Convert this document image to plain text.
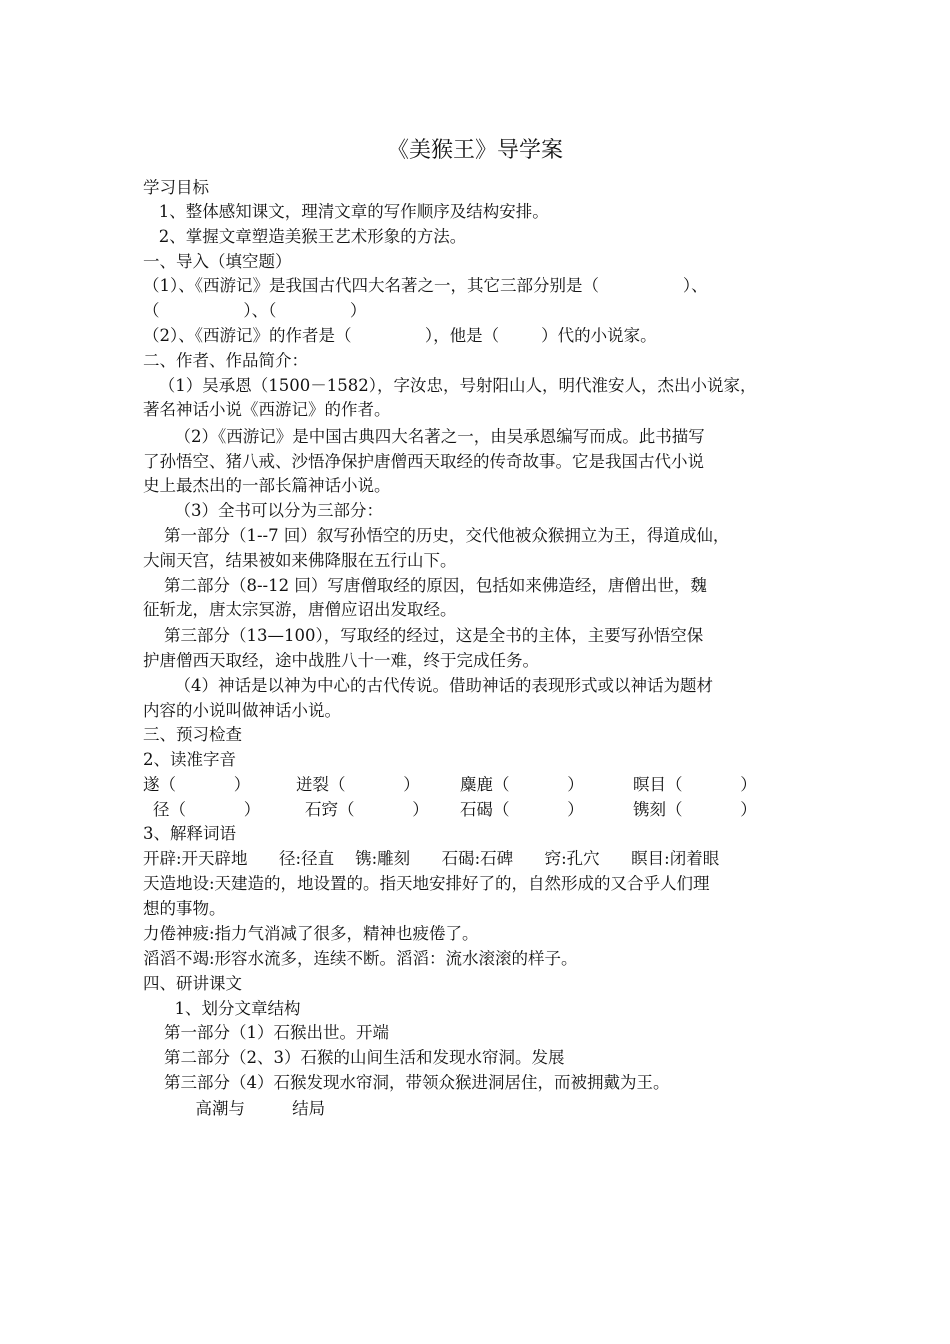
《美猴王》导学案
学习目标
1、整体感知课文，理清文章的写作顺序及结构安排。
2、掌握文章塑造美猴王艺术形象的方法。
一、导入（填空题）
（1）、《西游记》是我国古代四大名著之一，其它三部分别是（                ）、
（                ）、（              ）
（2）、《西游记》的作者是（              ），他是（        ）代的小说家。
二、作者、作品简介：
（1）吴承恩（1500－1582），字汝忠，号射阳山人，明代淮安人，杰出小说家，
著名神话小说《西游记》的作者。
（2）《西游记》是中国古典四大名著之一，由吴承恩编写而成。此书描写
了孙悟空、猪八戒、沙悟净保护唐僧西天取经的传奇故事。它是我国古代小说
史上最杰出的一部长篇神话小说。
（3）全书可以分为三部分：
第一部分（1--7 回）叙写孙悟空的历史，交代他被众猴拥立为王，得道成仙，
大闹天宫，结果被如来佛降服在五行山下。
第二部分（8--12 回）写唐僧取经的原因，包括如来佛造经，唐僧出世，魏
征斩龙，唐太宗冥游，唐僧应诏出发取经。
第三部分（13—100），写取经的经过，这是全书的主体，主要写孙悟空保
护唐僧西天取经，途中战胜八十一难，终于完成任务。
（4）神话是以神为中心的古代传说。借助神话的表现形式或以神话为题材
内容的小说叫做神话小说。
三、预习检查
2、读准字音
遂（           ）	迸裂（           ） 麋鹿（           ）	暝目（           ）
径（           ）	石窍（           ） 石碣（           ）	镌刻（           ）
3、解释词语
开辟:开天辟地      径:径直    镌:雕刻      石碣:石碑      窍:孔穴      瞑目:闭着眼
天造地设:天建造的，地设置的。指天地安排好了的，自然形成的又合乎人们理
想的事物。
力倦神疲:指力气消减了很多，精神也疲倦了。
滔滔不竭:形容水流多，连续不断。滔滔：流水滚滚的样子。
四、研讲课文
1、划分文章结构
第一部分（1）石猴出世。开端
第二部分（2、3）石猴的山间生活和发现水帘洞。发展
第三部分（4）石猴发现水帘洞，带领众猴进洞居住，而被拥戴为王。
高潮与         结局
